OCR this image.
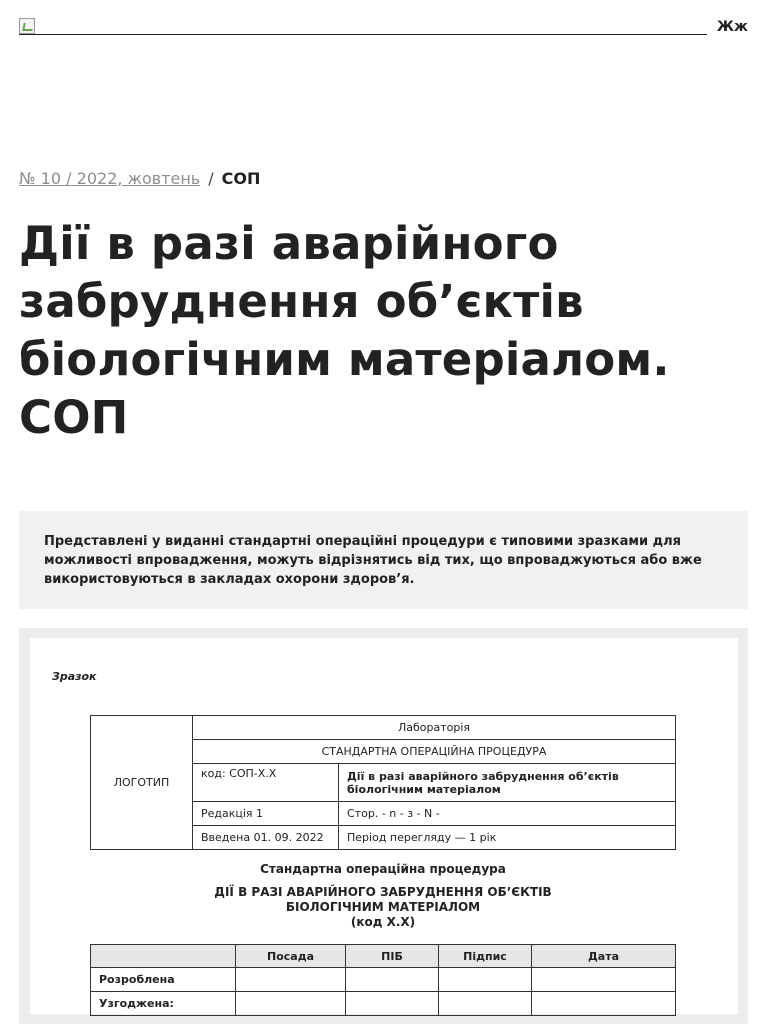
Жж
№ 10 / 2022, жовтень / СОП
Дії в разі аварійного забруднення об’єктів біологічним матеріалом. СОП

Представлені у виданні стандартні операційні процедури є типовими зразками для можливості впровадження, можуть відрізнятись від тих, що впроваджуються або вже використовуються в закладах охорони здоров’я.

Зразок
ЛОГОТИП	Лабораторія	
	СТАНДАРТНА ОПЕРАЦІЙНА ПРОЦЕДУРА	
	код: СОП-Х.Х	Дії в разі аварійного забруднення об’єктів біологічним матеріалом
	Редакція 1	Стор. - n - з - N -
	Введена 01. 09. 2022	Період перегляду — 1 рік
Стандартна операційна процедура
ДІЇ В РАЗІ АВАРІЙНОГО ЗАБРУДНЕННЯ ОБ’ЄКТІВ
БІОЛОГІЧНИМ МАТЕРІАЛОМ
(код Х.Х)
	Посада	ПІБ	Підпис	Дата
Розроблена				
Узгоджена:				
